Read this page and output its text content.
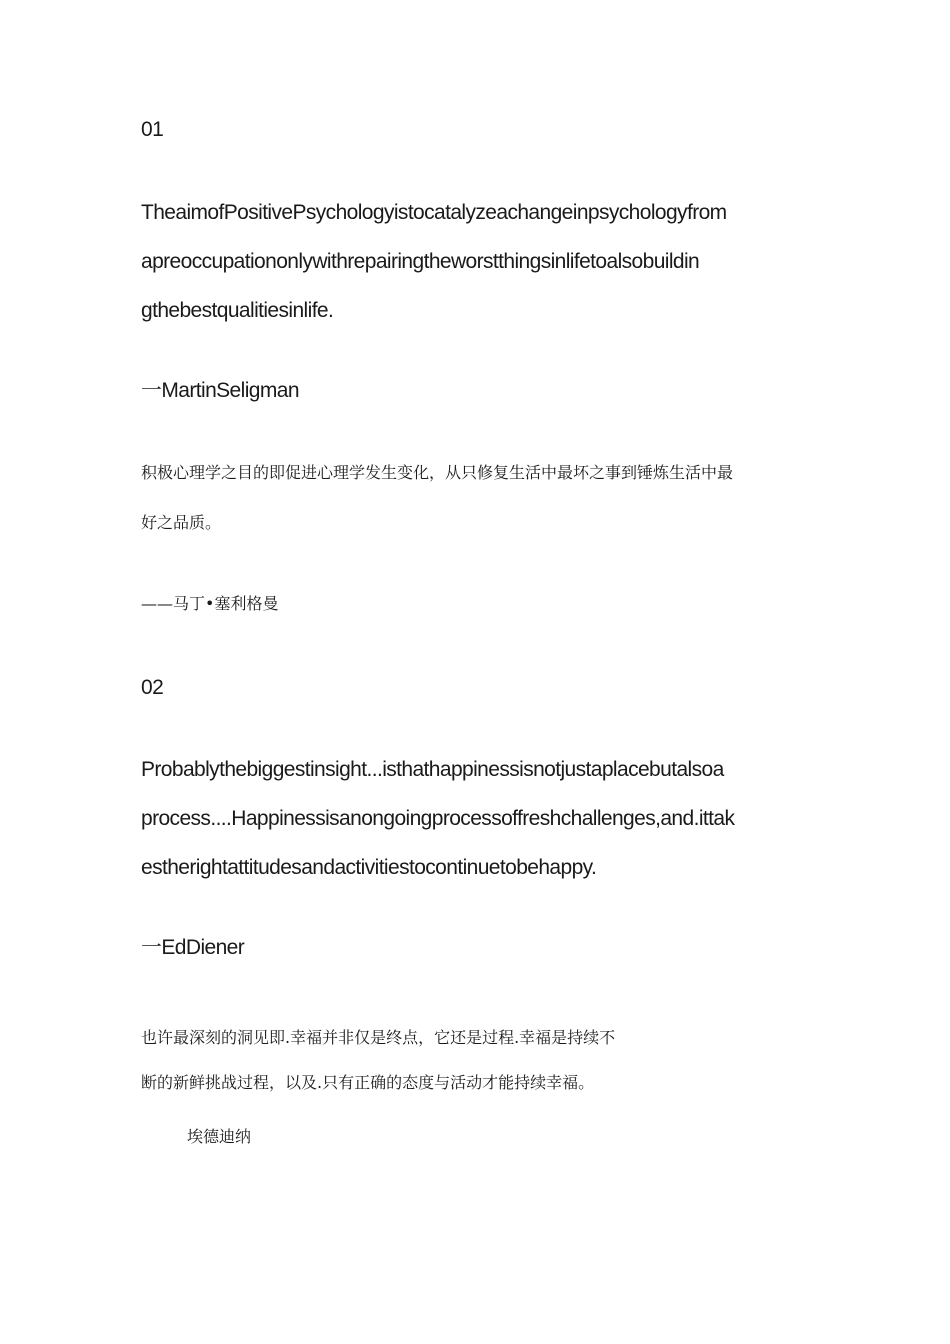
01
TheaimofPositivePsychologyistocatalyzeachangeinpsychologyfrom
apreoccupationonlywithrepairingtheworstthingsinlifetoalsobuildin
gthebestqualitiesinlife.
一MartinSeligman
积极心理学之目的即促进心理学发生变化，从只修复生活中最坏之事到锤炼生活中最
好之品质。
——马丁•塞利格曼
02
Probablythebiggestinsight...isthathappinessisnotjustaplacebutalsoa
process....Happinessisanongoingprocessoffreshchallenges,and.ittak
estherightattitudesandactivitiestocontinuetobehappy.
一EdDiener
也许最深刻的洞见即.幸福并非仅是终点，它还是过程.幸福是持续不
断的新鲜挑战过程，以及.只有正确的态度与活动才能持续幸福。
埃德迪纳
